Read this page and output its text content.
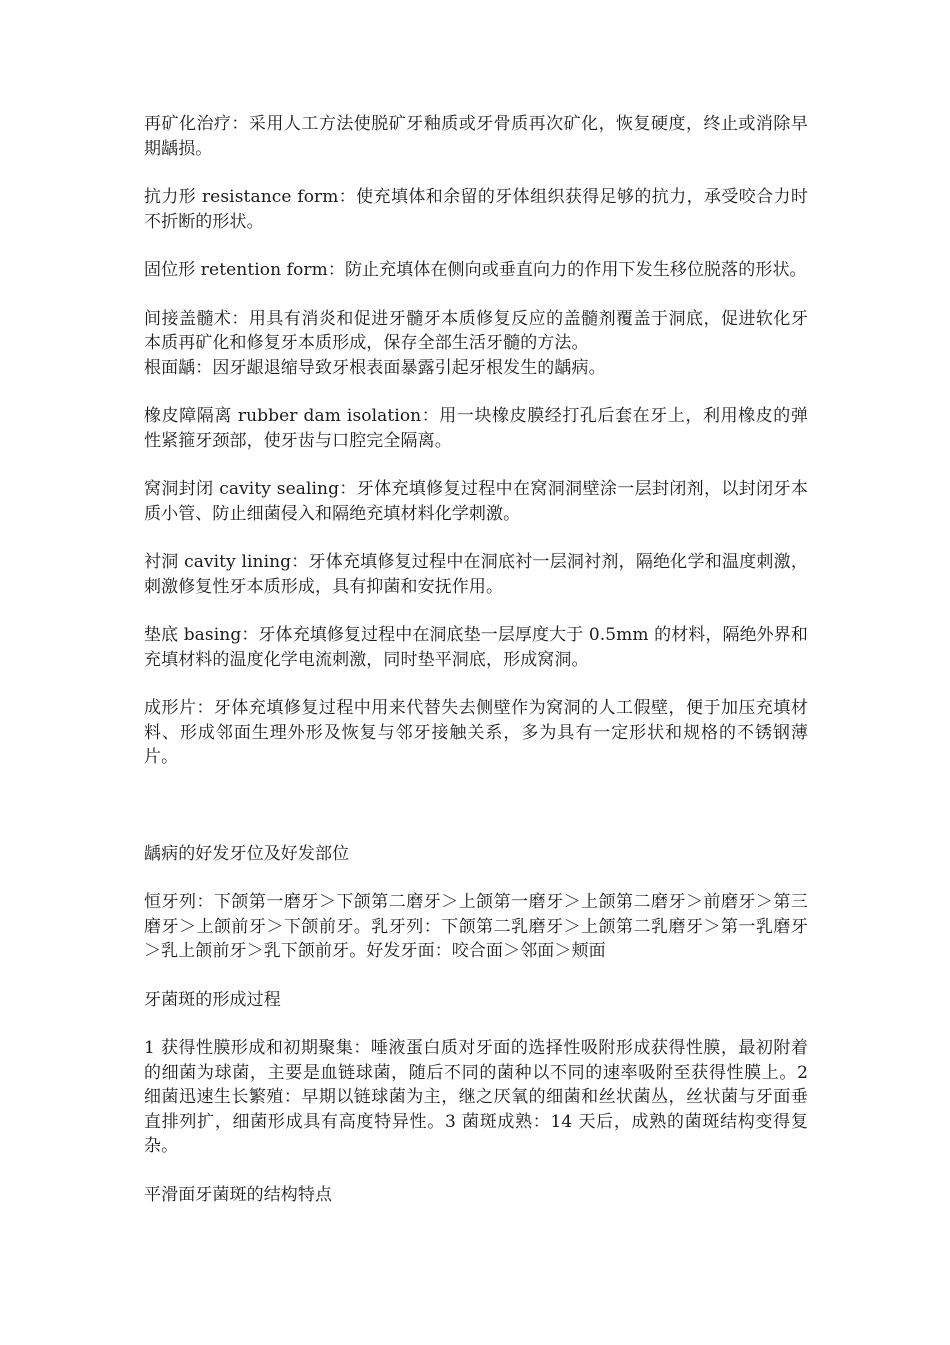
再矿化治疗：采用人工方法使脱矿牙釉质或牙骨质再次矿化，恢复硬度，终止或消除早期龋损。

抗力形 resistance form：使充填体和余留的牙体组织获得足够的抗力，承受咬合力时不折断的形状。

固位形 retention form：防止充填体在侧向或垂直向力的作用下发生移位脱落的形状。

间接盖髓术：用具有消炎和促进牙髓牙本质修复反应的盖髓剂覆盖于洞底，促进软化牙本质再矿化和修复牙本质形成，保存全部生活牙髓的方法。

根面龋：因牙龈退缩导致牙根表面暴露引起牙根发生的龋病。

橡皮障隔离 rubber dam isolation：用一块橡皮膜经打孔后套在牙上，利用橡皮的弹性紧箍牙颈部，使牙齿与口腔完全隔离。

窝洞封闭 cavity sealing：牙体充填修复过程中在窝洞洞壁涂一层封闭剂，以封闭牙本质小管、防止细菌侵入和隔绝充填材料化学刺激。

衬洞 cavity lining：牙体充填修复过程中在洞底衬一层洞衬剂，隔绝化学和温度刺激，刺激修复性牙本质形成，具有抑菌和安抚作用。

垫底 basing：牙体充填修复过程中在洞底垫一层厚度大于 0.5mm 的材料，隔绝外界和充填材料的温度化学电流刺激，同时垫平洞底，形成窝洞。

成形片：牙体充填修复过程中用来代替失去侧壁作为窝洞的人工假壁，便于加压充填材料、形成邻面生理外形及恢复与邻牙接触关系，多为具有一定形状和规格的不锈钢薄片。

龋病的好发牙位及好发部位

恒牙列：下颌第一磨牙＞下颌第二磨牙＞上颌第一磨牙＞上颌第二磨牙＞前磨牙＞第三磨牙＞上颌前牙＞下颌前牙。乳牙列：下颌第二乳磨牙＞上颌第二乳磨牙＞第一乳磨牙＞乳上颌前牙＞乳下颌前牙。好发牙面：咬合面＞邻面＞颊面

牙菌斑的形成过程

1 获得性膜形成和初期聚集：唾液蛋白质对牙面的选择性吸附形成获得性膜，最初附着的细菌为球菌，主要是血链球菌，随后不同的菌种以不同的速率吸附至获得性膜上。2 细菌迅速生长繁殖：早期以链球菌为主，继之厌氧的细菌和丝状菌丛，丝状菌与牙面垂直排列扩，细菌形成具有高度特异性。3 菌斑成熟：14 天后，成熟的菌斑结构变得复杂。

平滑面牙菌斑的结构特点
